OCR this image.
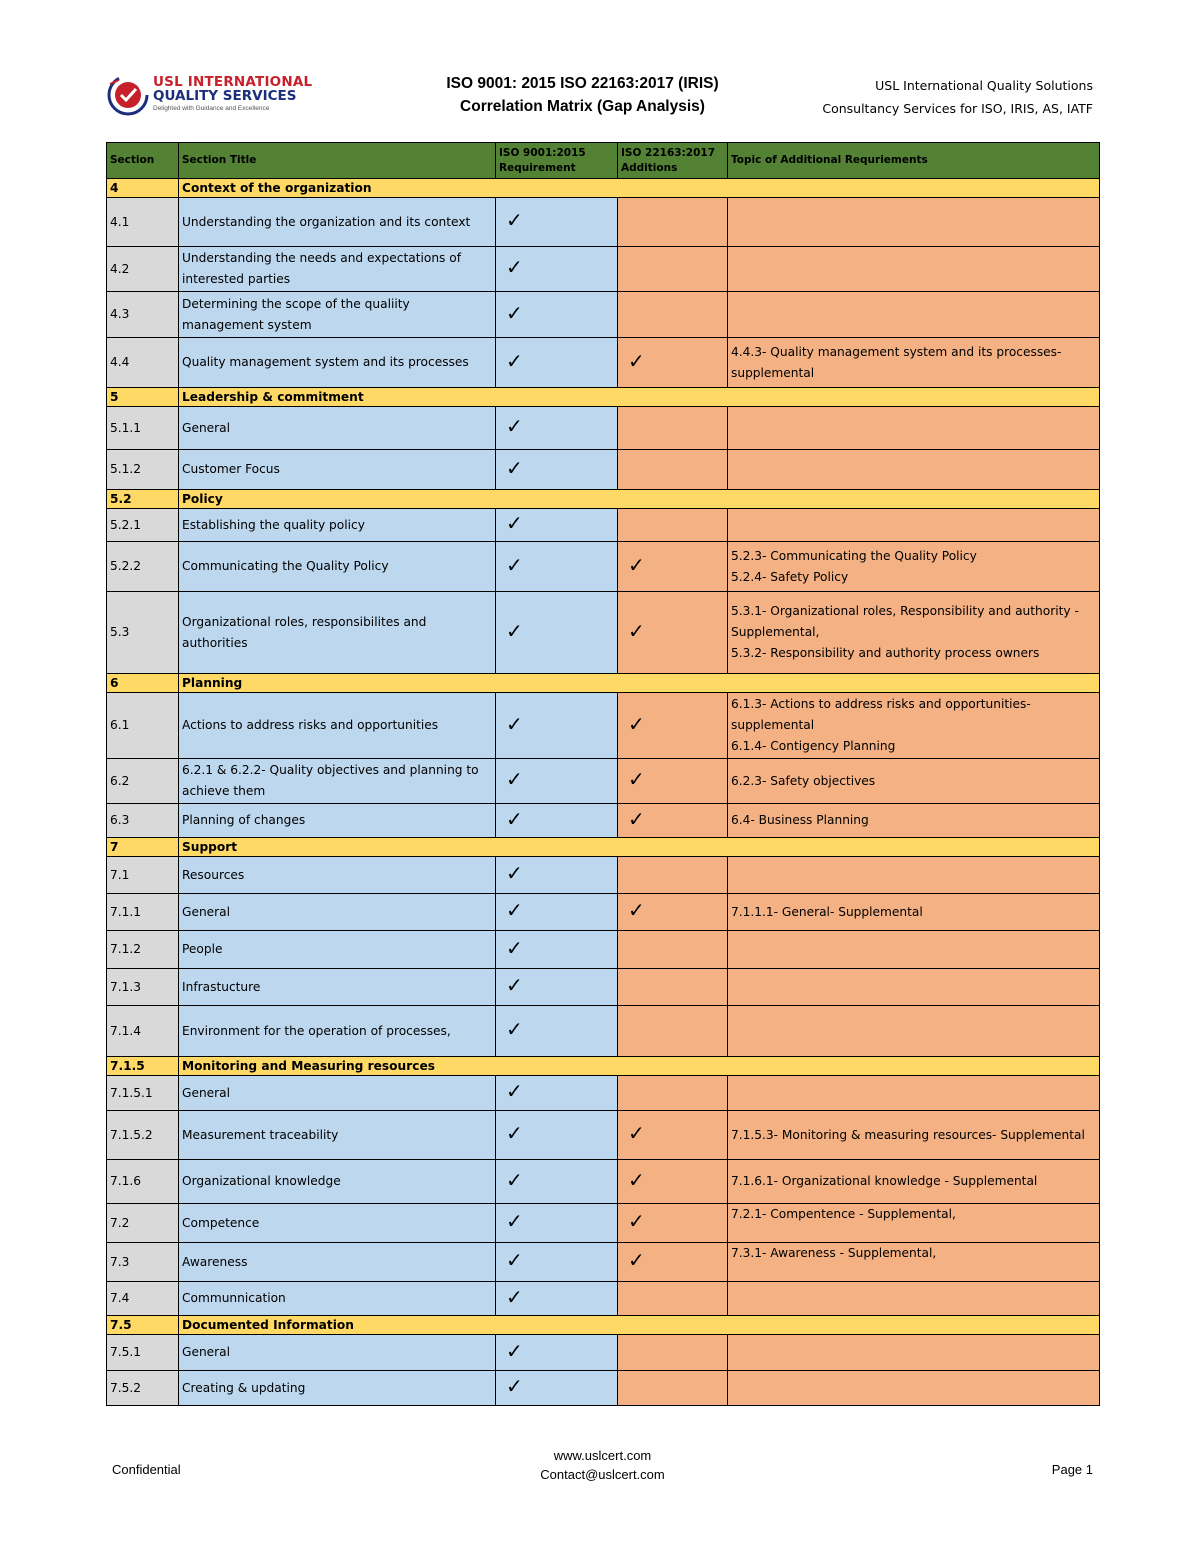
USL INTERNATIONAL
QUALITY SERVICES
Delighted with Guidance and Excellence
ISO 9001: 2015 ISO 22163:2017 (IRIS)
Correlation Matrix (Gap Analysis)
USL International Quality Solutions
Consultancy Services for ISO, IRIS, AS, IATF
Section	Section Title	ISO 9001:2015 Requirement	ISO 22163:2017 Additions	Topic of Additional Requriements
4	Context of the organization			
4.1	Understanding the organization and its context	✓		
4.2	Understanding the needs and expectations of interested parties	✓		
4.3	Determining the scope of the qualiity management system	✓		
4.4	Quality management system and its processes	✓	✓	4.4.3- Quality management system and its processes- supplemental
5	Leadership & commitment			
5.1.1	General	✓		
5.1.2	Customer Focus	✓		
5.2	Policy			
5.2.1	Establishing the quality policy	✓		
5.2.2	Communicating the Quality Policy	✓	✓	5.2.3- Communicating the Quality Policy
5.2.4- Safety Policy
5.3	Organizational roles, responsibilites and authorities	✓	✓	5.3.1- Organizational roles, Responsibility and authority - Supplemental,
5.3.2- Responsibility and authority process owners
6	Planning			
6.1	Actions to address risks and opportunities	✓	✓	6.1.3- Actions to address risks and opportunities- supplemental
6.1.4- Contigency Planning
6.2	6.2.1 & 6.2.2- Quality objectives and planning to achieve them	✓	✓	6.2.3- Safety objectives
6.3	Planning of changes	✓	✓	6.4- Business Planning
7	Support			
7.1	Resources	✓		
7.1.1	General	✓	✓	7.1.1.1- General- Supplemental
7.1.2	People	✓		
7.1.3	Infrastucture	✓		
7.1.4	Environment for the operation of processes,	✓		
7.1.5	Monitoring and Measuring resources			
7.1.5.1	General	✓		
7.1.5.2	Measurement traceability	✓	✓	7.1.5.3- Monitoring & measuring resources- Supplemental
7.1.6	Organizational knowledge	✓	✓	7.1.6.1- Organizational knowledge - Supplemental
7.2	Competence	✓	✓	7.2.1- Compentence - Supplemental,
7.3	Awareness	✓	✓	7.3.1- Awareness - Supplemental,
7.4	Communnication	✓		
7.5	Documented Information			
7.5.1	General	✓		
7.5.2	Creating & updating	✓		
Confidential
www.uslcert.com
Contact@uslcert.com	Page 1
